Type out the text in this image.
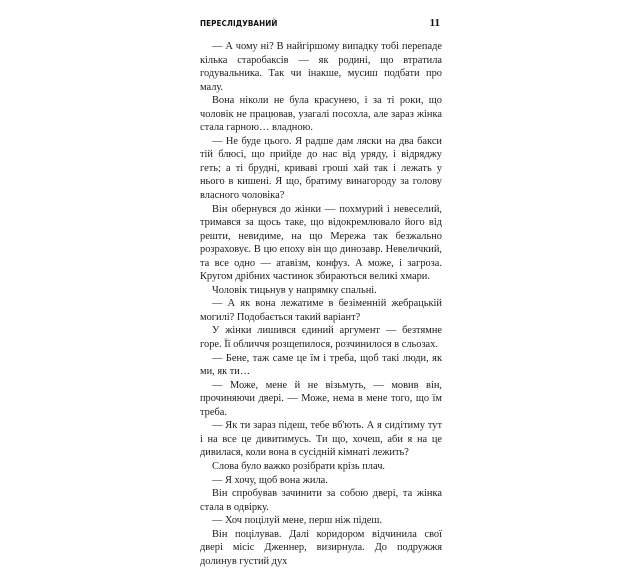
ПЕРЕСЛІДУВАНИЙ	11

— А чому ні? В найгіршому випадку тобі перепаде кілька старобаксів — як родині, що втратила годувальника. Так чи інакше, мусиш подбати про малу.

Вона ніколи не була красунею, і за ті роки, що чоловік не працював, узагалі посохла, але зараз жінка стала гарною… владною.

— Не буде цього. Я радше дам ляски на два бакси тій блюсі, що прийде до нас від уряду, і відряджу геть; а ті брудні, криваві гроші хай так і лежать у нього в кишені. Я що, братиму винагороду за голову власного чоловіка?

Він обернувся до жінки — похмурий і невеселий, тримався за щось таке, що відокремлювало його від решти, невидиме, на що Мережа так безжально розраховує. В цю епоху він що динозавр. Невеличкий, та все одно — атавізм, конфуз. А може, і загроза. Кругом дрібних частинок збираються великі хмари.

Чоловік тицьнув у напрямку спальні.

— А як вона лежатиме в безіменній жебрацькій могилі? Подобається такий варіант?

У жінки лишився єдиний аргумент — безтямне горе. Її обличчя розщепилося, розчинилося в сльозах.

— Бене, таж саме це їм і треба, щоб такі люди, як ми, як ти…

— Може, мене й не візьмуть, — мовив він, прочиняючи двері. — Може, нема в мене того, що їм треба.

— Як ти зараз підеш, тебе вб'ють. А я сидітиму тут і на все це дивитимусь. Ти що, хочеш, аби я на це дивилася, коли вона в сусідній кімнаті лежить?

Слова було важко розібрати крізь плач.

— Я хочу, щоб вона жила.

Він спробував зачинити за собою двері, та жінка стала в одвірку.

— Хоч поцілуй мене, перш ніж підеш.

Він поцілував. Далі коридором відчинила свої двері місіс Дженнер, визирнула. До подружжя долинув густий дух
